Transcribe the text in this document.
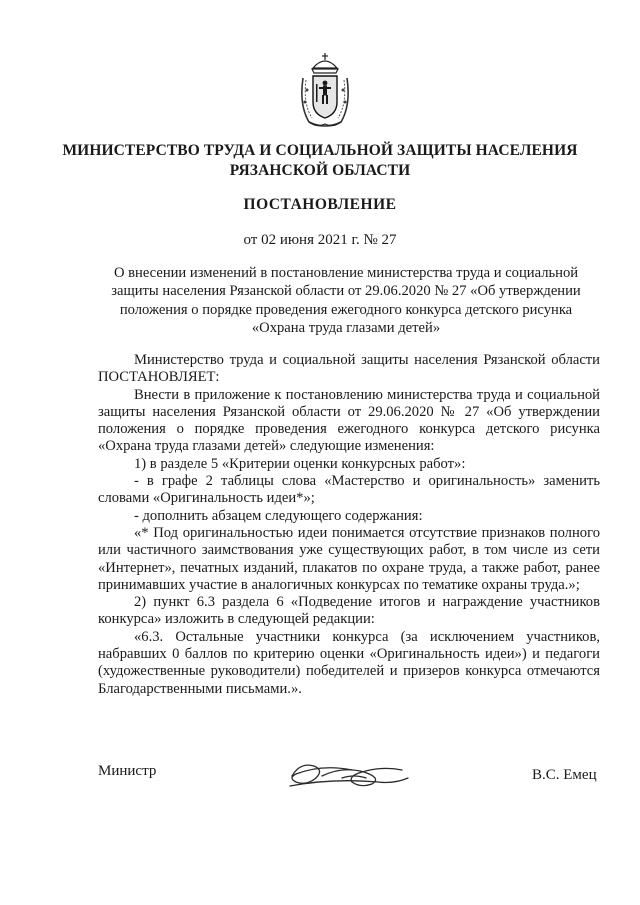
МИНИСТЕРСТВО ТРУДА И СОЦИАЛЬНОЙ ЗАЩИТЫ НАСЕЛЕНИЯ
РЯЗАНСКОЙ ОБЛАСТИ
ПОСТАНОВЛЕНИЕ
от 02 июня 2021 г. № 27
О внесении изменений в постановление министерства труда и социальной защиты населения Рязанской области от 29.06.2020 № 27 «Об утверждении положения о порядке проведения ежегодного конкурса детского рисунка «Охрана труда глазами детей»

Министерство труда и социальной защиты населения Рязанской области ПОСТАНОВЛЯЕТ:

Внести в приложение к постановлению министерства труда и социальной защиты населения Рязанской области от 29.06.2020 № 27 «Об утверждении положения о порядке проведения ежегодного конкурса детского рисунка «Охрана труда глазами детей» следующие изменения:

1) в разделе 5 «Критерии оценки конкурсных работ»:

- в графе 2 таблицы слова «Мастерство и оригинальность» заменить словами «Оригинальность идеи*»;

- дополнить абзацем следующего содержания:

«* Под оригинальностью идеи понимается отсутствие признаков полного или частичного заимствования уже существующих работ, в том числе из сети «Интернет», печатных изданий, плакатов по охране труда, а также работ, ранее принимавших участие в аналогичных конкурсах по тематике охраны труда.»;

2) пункт 6.3 раздела 6 «Подведение итогов и награждение участников конкурса» изложить в следующей редакции:

«6.3. Остальные участники конкурса (за исключением участников, набравших 0 баллов по критерию оценки «Оригинальность идеи») и педагоги (художественные руководители) победителей и призеров конкурса отмечаются Благодарственными письмами.».

Министр	В.С. Емец
